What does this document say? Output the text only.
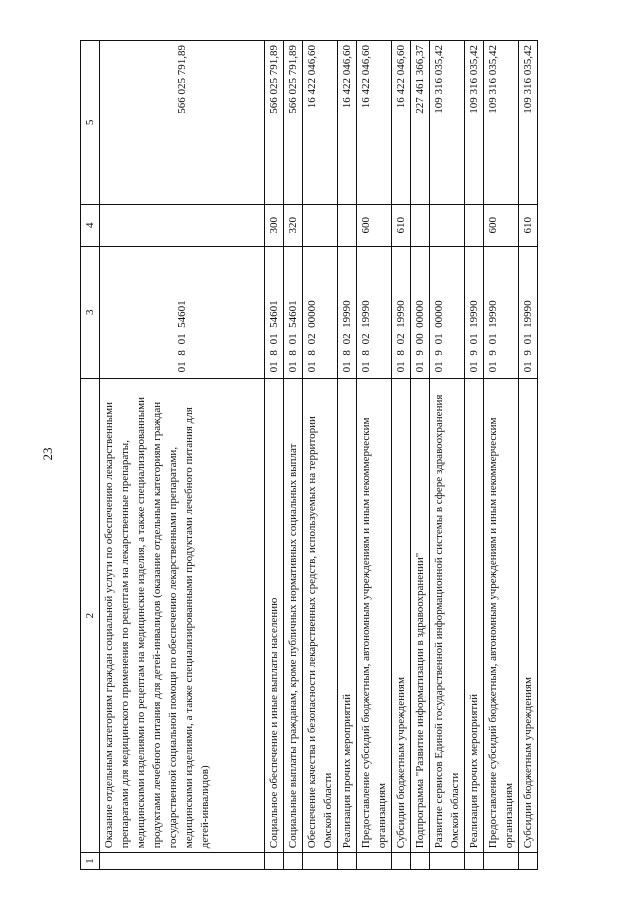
23
1	2	3	4	5
	Оказание отдельным категориям граждан социальной услуги по обеспечению лекарственными препаратами для медицинского применения по рецептам на лекарственные препараты, медицинскими изделиями по рецептам на медицинские изделия, а также специализированными продуктами лечебного питания для детей-инвалидов (оказание отдельным категориям граждан государственной социальной помощи по обеспечению лекарственными препаратами, медицинскими изделиями, а также специализированными продуктами лечебного питания для детей-инвалидов)	0180154601		566 025 791,89
	Социальное обеспечение и иные выплаты населению	0180154601	300	566 025 791,89
	Социальные выплаты гражданам, кроме публичных нормативных социальных выплат	0180154601	320	566 025 791,89
	Обеспечение качества и безопасности лекарственных средств, используемых на территории Омской области	0180200000		16 422 046,60
	Реализация прочих мероприятий	0180219990		16 422 046,60
	Предоставление субсидий бюджетным, автономным учреждениям и иным некоммерческим организациям	0180219990	600	16 422 046,60
	Субсидии бюджетным учреждениям	0180219990	610	16 422 046,60
	Подпрограмма "Развитие информатизации в здравоохранении"	0190000000		227 461 366,37
	Развитие сервисов Единой государственной информационной системы в сфере здравоохранения Омской области	0190100000		109 316 035,42
	Реализация прочих мероприятий	0190119990		109 316 035,42
	Предоставление субсидий бюджетным, автономным учреждениям и иным некоммерческим организациям	0190119990	600	109 316 035,42
	Субсидии бюджетным учреждениям	0190119990	610	109 316 035,42
